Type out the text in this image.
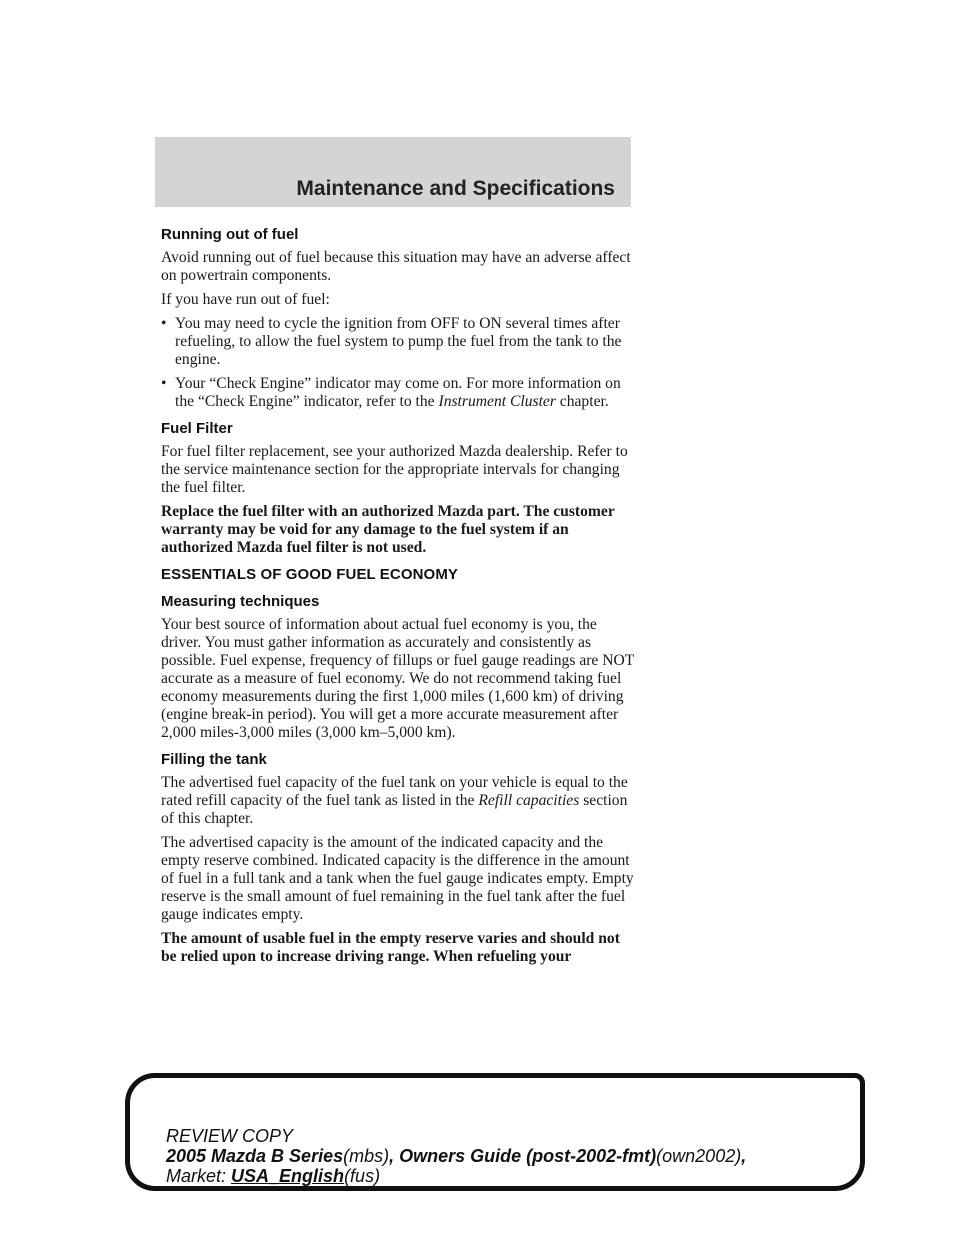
Maintenance and Specifications
Running out of fuel

Avoid running out of fuel because this situation may have an adverse affect on powertrain components.

If you have run out of fuel:

• You may need to cycle the ignition from OFF to ON several times after refueling, to allow the fuel system to pump the fuel from the tank to the engine.
• Your “Check Engine” indicator may come on. For more information on the “Check Engine” indicator, refer to the Instrument Cluster chapter.
Fuel Filter

For fuel filter replacement, see your authorized Mazda dealership. Refer to the service maintenance section for the appropriate intervals for changing the fuel filter.

Replace the fuel filter with an authorized Mazda part. The customer warranty may be void for any damage to the fuel system if an authorized Mazda fuel filter is not used.

ESSENTIALS OF GOOD FUEL ECONOMY
Measuring techniques

Your best source of information about actual fuel economy is you, the driver. You must gather information as accurately and consistently as possible. Fuel expense, frequency of fillups or fuel gauge readings are NOT accurate as a measure of fuel economy. We do not recommend taking fuel economy measurements during the first 1,000 miles (1,600 km) of driving (engine break-in period). You will get a more accurate measurement after 2,000 miles-3,000 miles (3,000 km–5,000 km).

Filling the tank

The advertised fuel capacity of the fuel tank on your vehicle is equal to the rated refill capacity of the fuel tank as listed in the Refill capacities section of this chapter.

The advertised capacity is the amount of the indicated capacity and the empty reserve combined. Indicated capacity is the difference in the amount of fuel in a full tank and a tank when the fuel gauge indicates empty. Empty reserve is the small amount of fuel remaining in the fuel tank after the fuel gauge indicates empty.

The amount of usable fuel in the empty reserve varies and should not be relied upon to increase driving range. When refueling your

REVIEW COPY
2005 Mazda B Series(mbs), Owners Guide (post-2002-fmt)(own2002),
Market: USA_English(fus)
